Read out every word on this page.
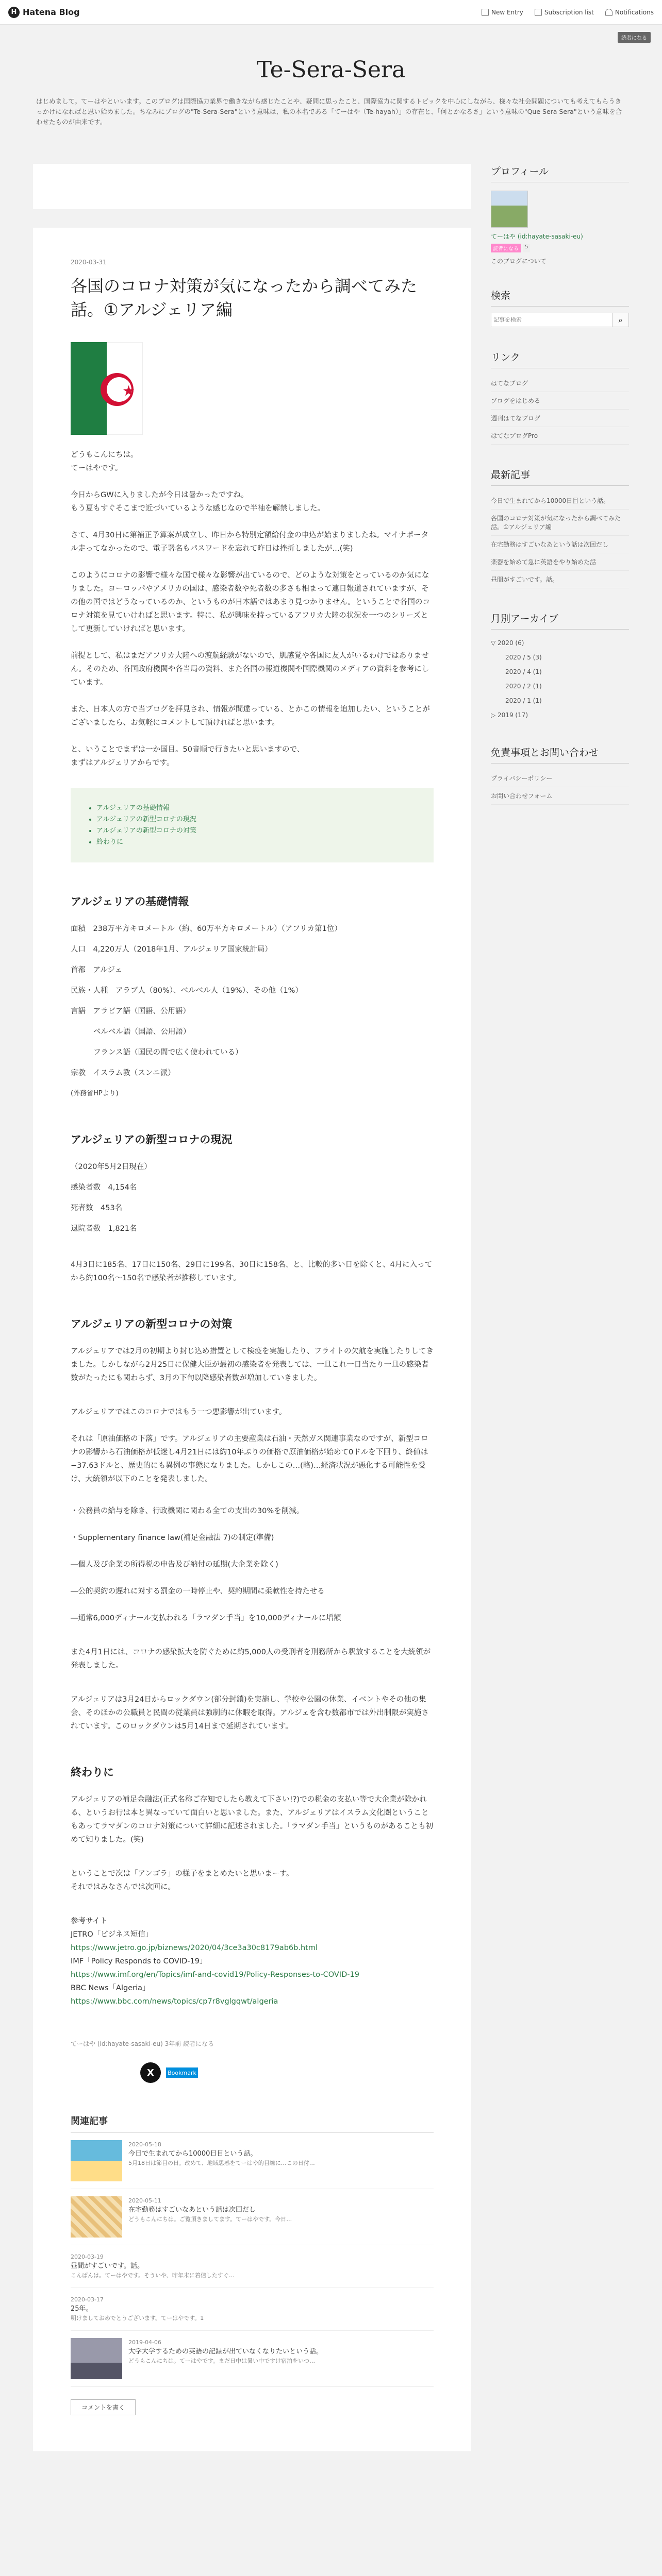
H Hatena Blog	New Entry	Subscription list	Notifications
読者になる
Te-Sera-Sera
はじめまして。てーはやといいます。このブログは国際協力業界で働きながら感じたことや、疑問に思ったこと、国際協力に関するトピックを中心にしながら、様々な社会問題についても考えてもらうきっかけになればと思い始めました。ちなみにブログの"Te-Sera-Sera"という意味は、私の本名である「てーはや（Te-hayah）」の存在と、「何とかなるさ」という意味の"Que Sera Sera"という意味を合わせたものが由来です。
2020-03-31
各国のコロナ対策が気になったから調べてみた話。①アルジェリア編
★
どうもこんにちは。
てーはやです。
今日からGWに入りましたが今日は暑かったですね。
もう夏もすぐそこまで近づいているような感じなので半袖を解禁しました。
さて、4月30日に第補正予算案が成立し、昨日から特別定額給付金の申込が始まりましたね。マイナポータル走ってなかったので、電子署名もパスワードを忘れて昨日は挫折しましたが…(笑)
このようにコロナの影響で様々な国で様々な影響が出ているので、どのような対策をとっているのか気になりました。ヨーロッパやアメリカの国は、感染者数や死者数の多さも相まって連日報道されていますが、その他の国ではどうなっているのか、というものが日本語ではあまり見つかりません。ということで各国のコロナ対策を見ていければと思います。特に、私が興味を持っているアフリカ大陸の状況を一つのシリーズとして更新していければと思います。
前提として、私はまだアフリカ大陸への渡航経験がないので、肌感覚や各国に友人がいるわけではありません。そのため、各国政府機関や各当局の資料、また各国の報道機関や国際機関のメディアの資料を参考にしています。
また、日本人の方で当ブログを拝見され、情報が間違っている、とかこの情報を追加したい、ということがございましたら、お気軽にコメントして頂ければと思います。
と、いうことでまずは一か国目。50音順で行きたいと思いますので、
まずはアルジェリアからです。
• アルジェリアの基礎情報
• アルジェリアの新型コロナの現況
• アルジェリアの新型コロナの対策
• 終わりに
アルジェリアの基礎情報
面積　238万平方キロメートル（約、60万平方キロメートル）（アフリカ第1位）
人口　4,220万人（2018年1月、アルジェリア国家統計局）
首都　アルジェ
民族・人種　アラブ人（80%）、ベルベル人（19%）、その他（1%）
言語　アラビア語（国語、公用語）
ベルベル語（国語、公用語）
フランス語（国民の間で広く使われている）
宗教　イスラム教（スンニ派）
(外務省HPより)
アルジェリアの新型コロナの現況
（2020年5月2日現在）
感染者数　4,154名
死者数　453名
退院者数　1,821名
4月3日に185名、17日に150名、29日に199名、30日に158名、と、比較的多い日を除くと、4月に入ってから約100名〜150名で感染者が推移しています。
アルジェリアの新型コロナの対策
アルジェリアでは2月の初期より封じ込め措置として検疫を実施したり、フライトの欠航を実施したりしてきました。しかしながら2月25日に保健大臣が最初の感染者を発表しては、一旦これ一日当たり一旦の感染者数がたったにも関わらず、3月の下旬以降感染者数が増加していきました。
アルジェリアではこのコロナではもう一つ悪影響が出ています。
それは「原油価格の下落」です。アルジェリアの主要産業は石油・天然ガス関連事業なのですが、新型コロナの影響から石油価格が低迷し4月21日には約10年ぶりの価格で原油価格が始めて0ドルを下回り、終値は−37.63ドルと、歴史的にも異例の事態になりました。しかしこの…(略)…経済状況が悪化する可能性を受け、大統領が以下のことを発表しました。
・公務員の給与を除き、行政機関に関わる全ての支出の30%を削減。
・Supplementary finance law(補足金融法 7)の制定(準備)
―個人及び企業の所得税の申告及び納付の延期(大企業を除く)
―公的契約の遅れに対する罰金の一時停止や、契約期間に柔軟性を持たせる
―通常6,000ディナール支払われる「ラマダン手当」を10,000ディナールに増額
また4月1日には、コロナの感染拡大を防ぐために約5,000人の受刑者を刑務所から釈放することを大統領が発表しました。
アルジェリアは3月24日からロックダウン(部分封鎖)を実施し、学校や公園の休業、イベントやその他の集会、そのほかの公職員と民間の従業員は強制的に休暇を取得。アルジェを含む数都市では外出制限が実施されています。このロックダウンは5月14日まで延期されています。
終わりに
アルジェリアの補足金融法(正式名称ご存知でしたら教えて下さい!?)での税金の支払い等で大企業が除かれる、というお行は本と異なっていて面白いと思いました。また、アルジェリアはイスラム文化圏ということもあってラマダンのコロナ対策について詳細に記述されました。「ラマダン手当」というものがあることも初めて知りました。(笑)
ということで次は「アンゴラ」の様子をまとめたいと思いまーす。
それではみなさんでは次回に。
参考サイト
JETRO「ビジネス短信」
https://www.jetro.go.jp/biznews/2020/04/3ce3a30c8179ab6b.html
IMF「Policy Responds to COVID-19」
https://www.imf.org/en/Topics/imf-and-covid19/Policy-Responses-to-COVID-19
BBC News「Algeria」
https://www.bbc.com/news/topics/cp7r8vglgqwt/algeria
てーはや (id:hayate-sasaki-eu) 3年前 読者になる
X	Bookmark
関連記事
2020-05-18
今日で生まれてから10000日目という話。
5月18日は節目の日。改めて、地域思惑をてーはや的目線に…この日付…
2020-05-11
在宅勤務はすごいなあという話は次回だし
どうもこんにちは。ご覧頂きましてます。てーはやです。今日…
2020-03-19
昼間がすごいです。話。
こんばんは。てーはやです。そういや、昨年末に着信したすぐ…
2020-03-17
25年。
明けましておめでとうございます。てーはやです。1
2019-04-06
大学大学するための英語の記録が出ていなくなりたいという話。
どうもこんにちは。てーはやです。まだ日中は暑い中ですけ宿泊をいつ…
コメントを書く
プロフィール
てーはや (id:hayate-sasaki-eu)
読者になる	5
このブログについて
検索
記事を検索
⌕
リンク
はてなブログ
ブログをはじめる
週刊はてなブログ
はてなブログPro
最新記事
今日で生まれてから10000日目という話。
各国のコロナ対策が気になったから調べてみた話。①アルジェリア編
在宅勤務はすごいなあという話は次回だし
楽器を始めて急に英語をやり始めた話
昼間がすごいです。話。
月別アーカイブ
▽ 2020 (6)
2020 / 5 (3)
2020 / 4 (1)
2020 / 2 (1)
2020 / 1 (1)
▷ 2019 (17)
免責事項とお問い合わせ
プライバシーポリシー
お問い合わせフォーム
